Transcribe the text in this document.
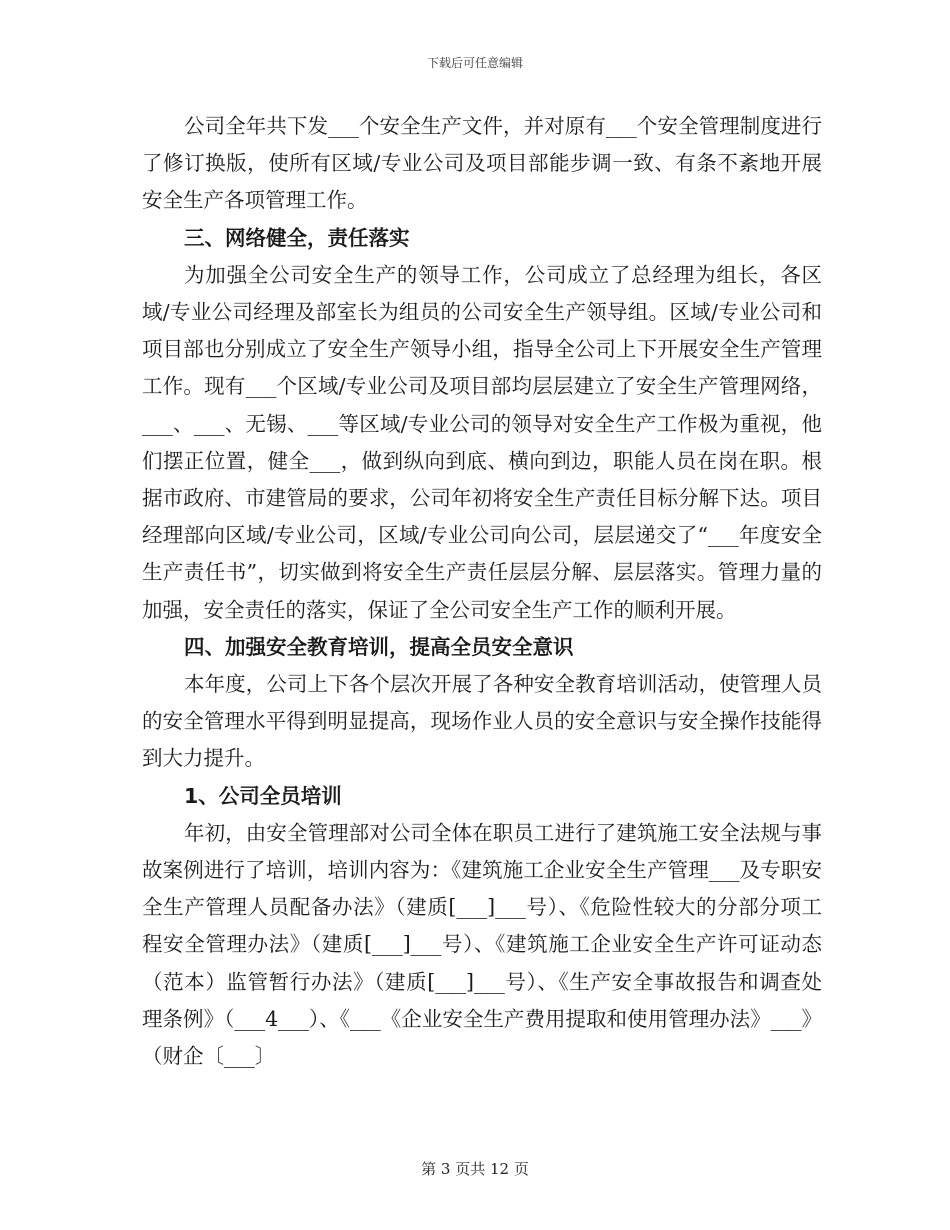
下载后可任意编辑

公司全年共下发___个安全生产文件，并对原有___个安全管理制度进行了修订换版，使所有区域/专业公司及项目部能步调一致、有条不紊地开展安全生产各项管理工作。

三、网络健全，责任落实

为加强全公司安全生产的领导工作，公司成立了总经理为组长，各区域/专业公司经理及部室长为组员的公司安全生产领导组。区域/专业公司和项目部也分别成立了安全生产领导小组，指导全公司上下开展安全生产管理工作。现有___个区域/专业公司及项目部均层层建立了安全生产管理网络，___、___、无锡、___等区域/专业公司的领导对安全生产工作极为重视，他们摆正位置，健全___，做到纵向到底、横向到边，职能人员在岗在职。根据市政府、市建管局的要求，公司年初将安全生产责任目标分解下达。项目经理部向区域/专业公司，区域/专业公司向公司，层层递交了“___年度安全生产责任书”，切实做到将安全生产责任层层分解、层层落实。管理力量的加强，安全责任的落实，保证了全公司安全生产工作的顺利开展。

四、加强安全教育培训，提高全员安全意识

本年度，公司上下各个层次开展了各种安全教育培训活动，使管理人员的安全管理水平得到明显提高，现场作业人员的安全意识与安全操作技能得到大力提升。

1、公司全员培训

年初，由安全管理部对公司全体在职员工进行了建筑施工安全法规与事故案例进行了培训，培训内容为：《建筑施工企业安全生产管理___及专职安全生产管理人员配备办法》（建质[___]___号）、《危险性较大的分部分项工程安全管理办法》（建质[___]___号）、《建筑施工企业安全生产许可证动态（范本）监管暂行办法》（建质[___]___号）、《生产安全事故报告和调查处理条例》（___4___）、《___《企业安全生产费用提取和使用管理办法》___》（财企〔___〕

第 3 页共 12 页
